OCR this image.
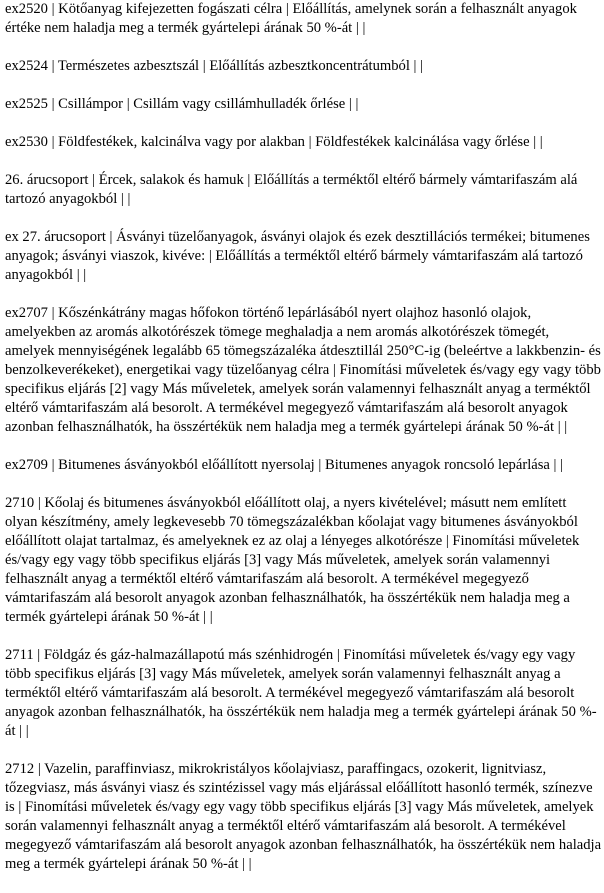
ex2520 | Kötőanyag kifejezetten fogászati célra | Előállítás, amelynek során a felhasznált anyagok értéke nem haladja meg a termék gyártelepi árának 50 %-át | |

ex2524 | Természetes azbesztszál | Előállítás azbesztkoncentrátumból | |

ex2525 | Csillámpor | Csillám vagy csillámhulladék őrlése | |

ex2530 | Földfestékek, kalcinálva vagy por alakban | Földfestékek kalcinálása vagy őrlése | |

26. árucsoport | Ércek, salakok és hamuk | Előállítás a terméktől eltérő bármely vámtarifaszám alá tartozó anyagokból | |

ex 27. árucsoport | Ásványi tüzelőanyagok, ásványi olajok és ezek desztillációs termékei; bitumenes anyagok; ásványi viaszok, kivéve: | Előállítás a terméktől eltérő bármely vámtarifaszám alá tartozó anyagokból | |

ex2707 | Kőszénkátrány magas hőfokon történő lepárlásából nyert olajhoz hasonló olajok, amelyekben az aromás alkotórészek tömege meghaladja a nem aromás alkotórészek tömegét, amelyek mennyiségének legalább 65 tömegszázaléka átdesztillál 250°C-ig (beleértve a lakkbenzin- és benzolkeverékeket), energetikai vagy tüzelőanyag célra | Finomítási műveletek és/vagy egy vagy több specifikus eljárás [2] vagy Más műveletek, amelyek során valamennyi felhasznált anyag a terméktől eltérő vámtarifaszám alá besorolt. A termékével megegyező vámtarifaszám alá besorolt anyagok azonban felhasználhatók, ha összértékük nem haladja meg a termék gyártelepi árának 50 %-át | |

ex2709 | Bitumenes ásványokból előállított nyersolaj | Bitumenes anyagok roncsoló lepárlása | |

2710 | Kőolaj és bitumenes ásványokból előállított olaj, a nyers kivételével; másutt nem említett olyan készítmény, amely legkevesebb 70 tömegszázalékban kőolajat vagy bitumenes ásványokból előállított olajat tartalmaz, és amelyeknek ez az olaj a lényeges alkotórésze | Finomítási műveletek és/vagy egy vagy több specifikus eljárás [3] vagy Más műveletek, amelyek során valamennyi felhasznált anyag a terméktől eltérő vámtarifaszám alá besorolt. A termékével megegyező vámtarifaszám alá besorolt anyagok azonban felhasználhatók, ha összértékük nem haladja meg a termék gyártelepi árának 50 %-át | |

2711 | Földgáz és gáz-halmazállapotú más szénhidrogén | Finomítási műveletek és/vagy egy vagy több specifikus eljárás [3] vagy Más műveletek, amelyek során valamennyi felhasznált anyag a terméktől eltérő vámtarifaszám alá besorolt. A termékével megegyező vámtarifaszám alá besorolt anyagok azonban felhasználhatók, ha összértékük nem haladja meg a termék gyártelepi árának 50 %-át | |

2712 | Vazelin, paraffinviasz, mikrokristályos kőolajviasz, paraffingacs, ozokerit, lignitviasz, tőzegviasz, más ásványi viasz és szintézissel vagy más eljárással előállított hasonló termék, színezve is | Finomítási műveletek és/vagy egy vagy több specifikus eljárás [3] vagy Más műveletek, amelyek során valamennyi felhasznált anyag a terméktől eltérő vámtarifaszám alá besorolt. A termékével megegyező vámtarifaszám alá besorolt anyagok azonban felhasználhatók, ha összértékük nem haladja meg a termék gyártelepi árának 50 %-át | |
